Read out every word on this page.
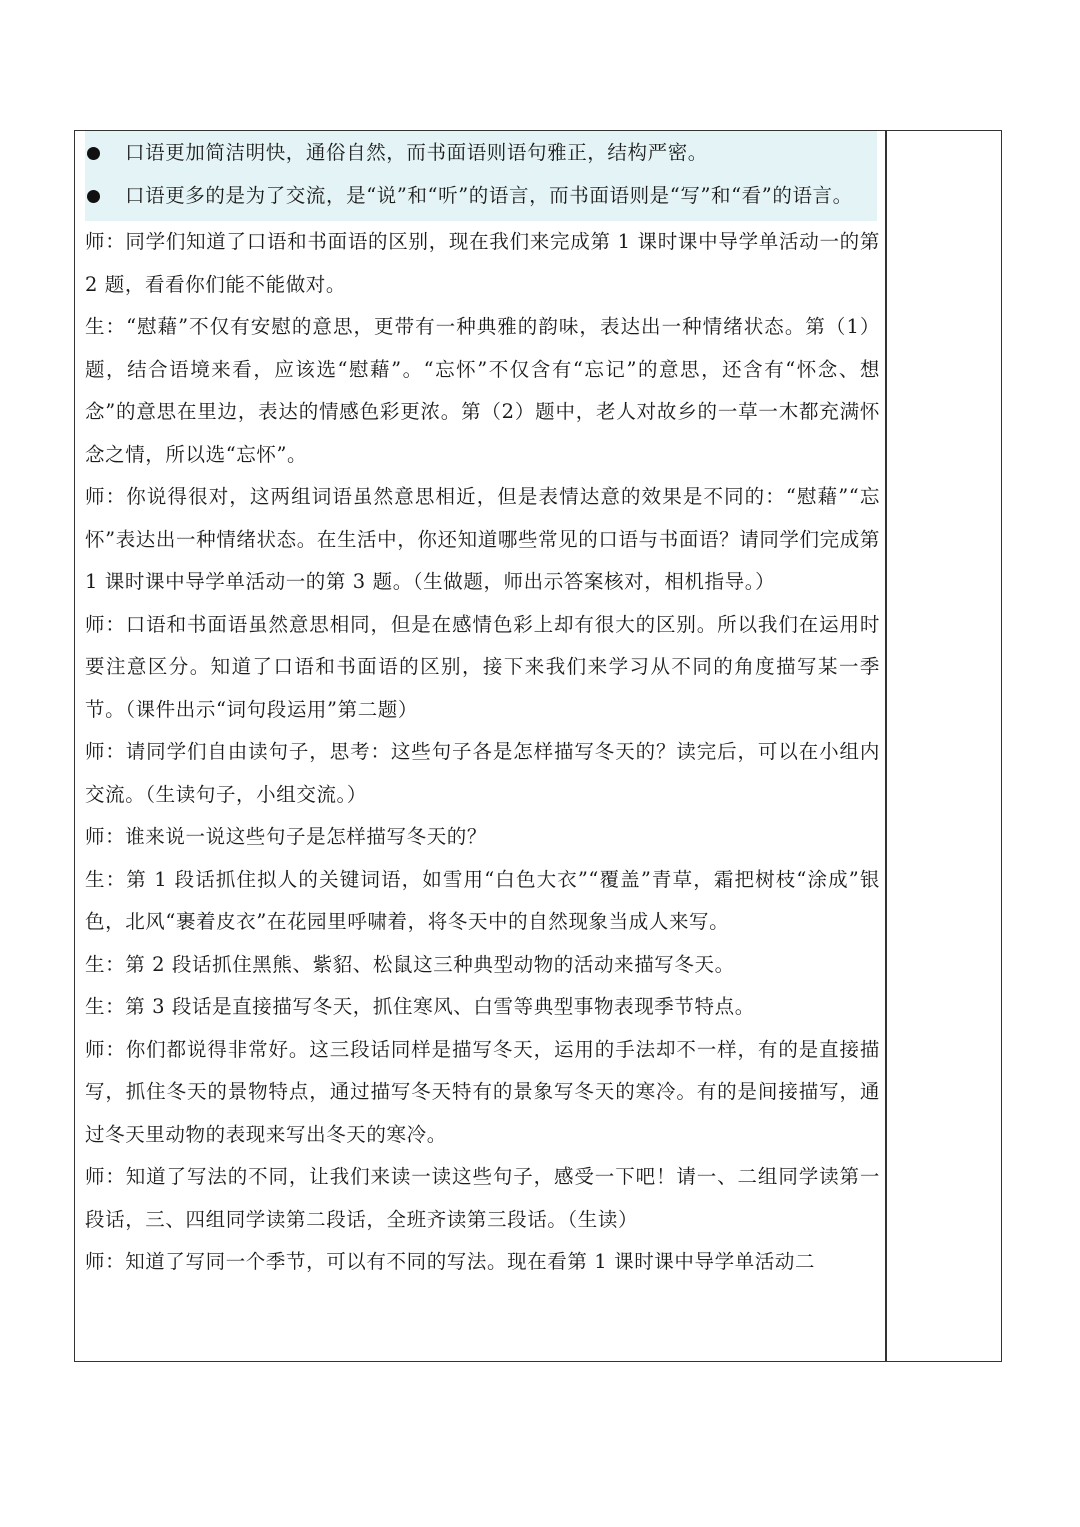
口语更加简洁明快，通俗自然，而书面语则语句雅正，结构严密。
口语更多的是为了交流，是“说”和“听”的语言，而书面语则是“写”和“看”的语言。

师：同学们知道了口语和书面语的区别，现在我们来完成第 1 课时课中导学单活动一的第 2 题，看看你们能不能做对。

生：“慰藉”不仅有安慰的意思，更带有一种典雅的韵味，表达出一种情绪状态。第（1）题，结合语境来看，应该选“慰藉”。“忘怀”不仅含有“忘记”的意思，还含有“怀念、想念”的意思在里边，表达的情感色彩更浓。第（2）题中，老人对故乡的一草一木都充满怀念之情，所以选“忘怀”。

师：你说得很对，这两组词语虽然意思相近，但是表情达意的效果是不同的：“慰藉”“忘怀”表达出一种情绪状态。在生活中，你还知道哪些常见的口语与书面语？请同学们完成第 1 课时课中导学单活动一的第 3 题。（生做题，师出示答案核对，相机指导。）

师：口语和书面语虽然意思相同，但是在感情色彩上却有很大的区别。所以我们在运用时要注意区分。知道了口语和书面语的区别，接下来我们来学习从不同的角度描写某一季节。（课件出示“词句段运用”第二题）

师：请同学们自由读句子，思考：这些句子各是怎样描写冬天的？读完后，可以在小组内交流。（生读句子，小组交流。）

师：谁来说一说这些句子是怎样描写冬天的？

生：第 1 段话抓住拟人的关键词语，如雪用“白色大衣”“覆盖”青草，霜把树枝“涂成”银色，北风“裹着皮衣”在花园里呼啸着，将冬天中的自然现象当成人来写。

生：第 2 段话抓住黑熊、紫貂、松鼠这三种典型动物的活动来描写冬天。

生：第 3 段话是直接描写冬天，抓住寒风、白雪等典型事物表现季节特点。

师：你们都说得非常好。这三段话同样是描写冬天，运用的手法却不一样，有的是直接描写，抓住冬天的景物特点，通过描写冬天特有的景象写冬天的寒冷。有的是间接描写，通过冬天里动物的表现来写出冬天的寒冷。

师：知道了写法的不同，让我们来读一读这些句子，感受一下吧！请一、二组同学读第一段话，三、四组同学读第二段话，全班齐读第三段话。（生读）

师：知道了写同一个季节，可以有不同的写法。现在看第 1 课时课中导学单活动二
